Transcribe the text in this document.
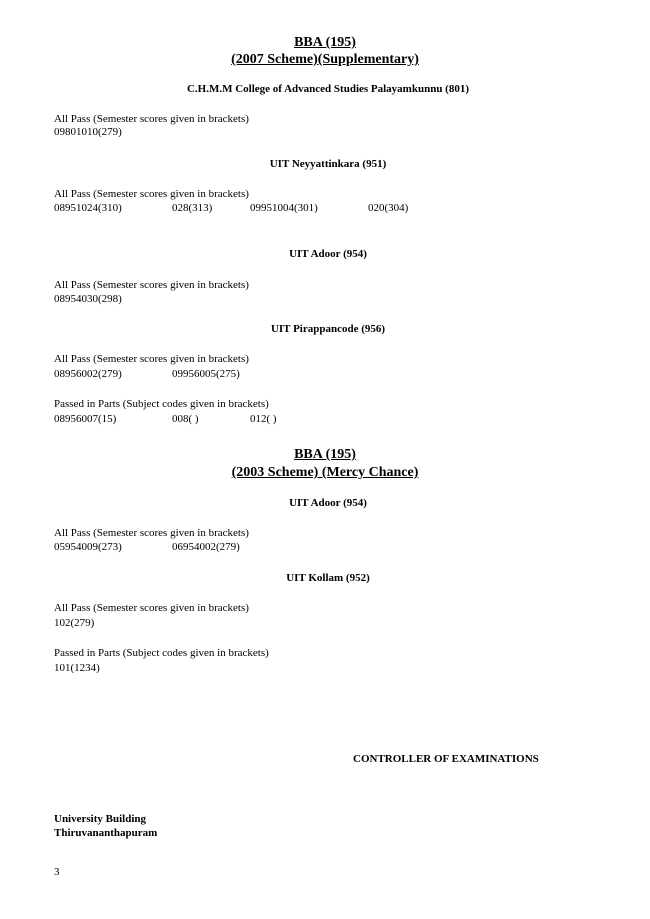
BBA (195)
(2007 Scheme)(Supplementary)
C.H.M.M College of Advanced Studies Palayamkunnu (801)
All Pass (Semester scores given in brackets)
09801010(279)
UIT Neyyattinkara (951)
All Pass (Semester scores given in brackets)
08951024(310)	028(313)	09951004(301)	020(304)
UIT Adoor (954)
All Pass (Semester scores given in brackets)
08954030(298)
UIT Pirappancode (956)
All Pass (Semester scores given in brackets)
08956002(279)	09956005(275)
Passed in Parts (Subject codes given in brackets)
08956007(15)	008( )	012( )
BBA (195)
(2003 Scheme) (Mercy Chance)
UIT Adoor (954)
All Pass (Semester scores given in brackets)
05954009(273)	06954002(279)
UIT Kollam (952)
All Pass (Semester scores given in brackets)
102(279)
Passed in Parts (Subject codes given in brackets)
101(1234)
CONTROLLER OF EXAMINATIONS
University Building
Thiruvananthapuram
3
